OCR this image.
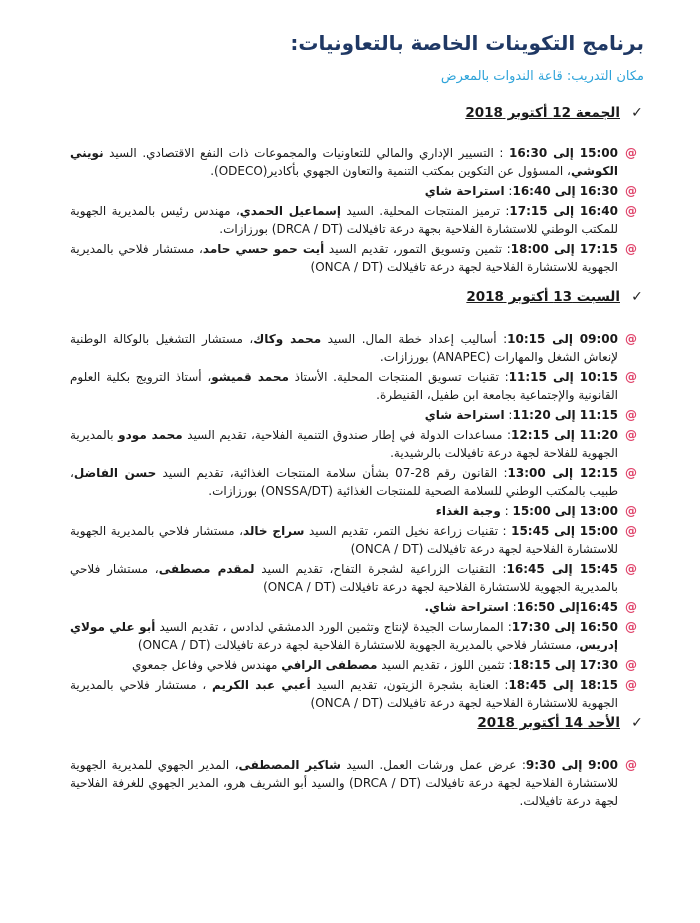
برنامج التكوينات الخاصة بالتعاونيات:
مكان التدريب: قاعة الندوات بالمعرض
✓
الجمعة 12 أكتوبر 2018
@
15:00 إلى 16:30 : التسيير الإداري والمالي للتعاونيات والمجموعات ذات النفع الاقتصادي. السيد نويني الكوشي، المسؤول عن التكوين بمكتب التنمية والتعاون الجهوي بأكادير(ODECO).
@
16:30 إلى 16:40: استراحة شاي
@
16:40 إلى 17:15: ترميز المنتجات المحلية. السيد إسماعيل الحمدي، مهندس رئيس بالمديرية الجهوية للمكتب الوطني للاستشارة الفلاحية بجهة درعة تافيلالت (DRCA / DT) بورزازات.
@
17:15 إلى 18:00: تثمين وتسويق التمور، تقديم السيد أيت حمو حسي حامد، مستشار فلاحي بالمديرية الجهوية للاستشارة الفلاحية لجهة درعة تافيلالت (ONCA / DT)
✓
السبت 13 أكتوبر 2018
@
09:00 إلى 10:15: أساليب إعداد خطة المال. السيد محمد وكاك، مستشار التشغيل بالوكالة الوطنية لإنعاش الشغل والمهارات (ANAPEC) بورزازات.
@
10:15 إلى 11:15: تقنيات تسويق المنتجات المحلية. الأستاذ محمد قميشو، أستاذ الترويج بكلية العلوم القانونية والإجتماعية بجامعة ابن طفيل، القنيطرة.
@
11:15 إلى 11:20: استراحة شاي
@
11:20 إلى 12:15: مساعدات الدولة في إطار صندوق التنمية الفلاحية، تقديم السيد محمد مودو بالمديرية الجهوية للفلاحة لجهة درعة تافيلالت بالرشيدية.
@
12:15 إلى 13:00: القانون رقم 28-07 بشأن سلامة المنتجات الغذائية، تقديم السيد حسن الفاضل، طبيب بالمكتب الوطني للسلامة الصحية للمنتجات الغذائية (ONSSA/DT) بورزازات.
@
13:00 إلى 15:00 : وجبة الغذاء
@
15:00 إلى 15:45 : تقنيات زراعة نخيل التمر، تقديم السيد سراج خالد، مستشار فلاحي بالمديرية الجهوية للاستشارة الفلاحية لجهة درعة تافيلالت (ONCA / DT)
@
15:45 إلى 16:45: التقنيات الزراعية لشجرة التفاح، تقديم السيد لمقدم مصطفى، مستشار فلاحي بالمديرية الجهوية للاستشارة الفلاحية لجهة درعة تافيلالت (ONCA / DT)
@
16:45إلى 16:50: استراحة شاي.
@
16:50 إلى 17:30: الممارسات الجيدة لإنتاج وتثمين الورد الدمشقي لدادس ، تقديم السيد أبو علي مولاي إدريس، مستشار فلاحي بالمديرية الجهوية للاستشارة الفلاحية لجهة درعة تافيلالت (ONCA / DT)
@
17:30 إلى 18:15: تثمين اللوز ، تقديم السيد مصطفى الرافي مهندس فلاحي وفاعل جمعوي
@
18:15 إلى 18:45: العناية بشجرة الزيتون، تقديم السيد أعبي عبد الكريم ، مستشار فلاحي بالمديرية الجهوية للاستشارة الفلاحية لجهة درعة تافيلالت (ONCA / DT)
✓
الأحد 14 أكتوبر 2018
@
9:00 إلى 9:30: عرض عمل ورشات العمل. السيد شاكير المصطفى، المدير الجهوي للمديرية الجهوية للاستشارة الفلاحية لجهة درعة تافيلالت (DRCA / DT) والسيد أبو الشريف هرو، المدير الجهوي للغرفة الفلاحية لجهة درعة تافيلالت.
